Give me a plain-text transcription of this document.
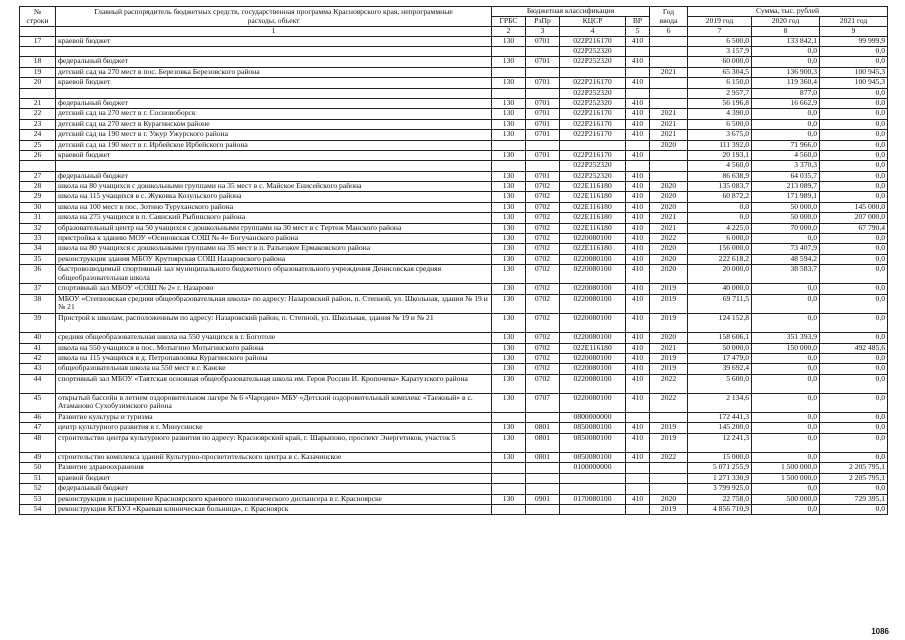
№
строки	Главный распорядитель бюджетных средств, государственная программа Красноярского края, непрограммные
расходы, объект	Бюджетная классификация				Год
ввода	Сумма, тыс. рублей		
		ГРБС	РзПр	КЦСР	ВР		2019 год	2020 год	2021 год
	1	2	3	4	5	6	7	8	9
17	краевой бюджет	130	0701	022P216170	410		6 500,0	133 842,1	99 999,9
				022P252320			3 157,9	0,0	0,0
18	федеральный бюджет	130	0701	022P252320	410		60 000,0	0,0	0,0
19	детский сад на 270 мест в пос. Березовка Березовского района					2021	65 304,5	136 900,3	100 945,3
20	краевой бюджет	130	0701	022P216170	410		6 150,0	119 360,4	100 945,3
				022P252320			2 957,7	877,0	0,0
21	федеральный бюджет	130	0701	022P252320	410		56 196,8	16 662,9	0,0
22	детский сад на 270 мест в г. Сосновоборск	130	0701	022P216170	410	2021	4 390,0	0,0	0,0
23	детский сад на 270 мест в Курагинском районе	130	0701	022P216170	410	2021	6 500,0	0,0	0,0
24	детский сад на 190 мест в г. Ужур Ужурского района	130	0701	022P216170	410	2021	3 675,0	0,0	0,0
25	детский сад на 190 мест в г. Ирбейское Ирбейского района					2020	111 392,0	71 966,0	0,0
26	краевой бюджет	130	0701	022P216170	410		20 193,1	4 560,0	0,0
				022P252320			4 560,0	3 370,3	0,0
27	федеральный бюджет	130	0701	022P252320	410		86 638,9	64 035,7	0,0
28	школа на 80 учащихся с дошкольными группами на 35 мест в с. Майское Енисейского района	130	0702	022E116180	410	2020	135 083,7	213 089,7	0,0
29	школа на 115 учащихся в с. Жуковка Козульского района	130	0702	022E116180	410	2020	60 872,2	171 989,1	0,0
30	школа на 100 мест в пос. Зотино Туруханского района	130	0702	022E116180	410	2020	0,0	50 000,0	145 000,0
31	школа на 275 учащихся в п. Саянский Рыбинского района	130	0702	022E116180	410	2021	0,0	50 000,0	207 000,0
32	образовательный центр на 50 учащихся с дошкольными группами на 30 мест в с Тертеж Манского района	130	0702	022E116180	410	2021	4 225,0	70 000,0	67 790,4
33	пристройка к зданию МОУ «Осиновская СОШ № 4» Богучанского района	130	0702	0220080100	410	2022	6 000,0	0,0	0,0
34	школа на 80 учащихся с дошкольными группами на 35 мест в п. Разъезжее Ермаковского района	130	0702	022E116180	410	2020	156 000,0	73 407,9	0,0
35	реконструкция здания МБОУ Крутоярская СОШ Назаровского района	130	0702	0220080100	410	2020	222 618,2	48 594,2	0,0
36	быстровозводимый спортивный зал муниципального бюджетного образовательного учреждения Денисовская средняя общеобразовательная школа	130	0702	0220080100	410	2020	20 000,0	38 583,7	0,0
37	спортивный зал МБОУ «СОШ № 2» г. Назарово	130	0702	0220080100	410	2019	40 000,0	0,0	0,0
38	МБОУ «Степновская средняя общеобразовательная школа» по адресу: Назаровский район, п. Степной, ул. Школьная, здания № 19 и № 21	130	0702	0220080100	410	2019	69 711,5	0,0	0,0
39	Пристрой к школам, расположенным по адресу: Назаровский район, п. Степной, ул. Школьная, здания № 19 и № 21	130	0702	0220080100	410	2019	124 152,8	0,0	0,0
40	средняя общеобразовательная школа на 550 учащихся в г. Боготоле	130	0702	0220080100	410	2020	158 606,1	351 393,9	0,0
41	школа на 550 учащихся в пос. Мотыгино Мотыгинского района	130	0702	022E116180	410	2021	50 000,0	150 000,0	492 485,6
42	школа на 115 учащихся в д. Петропавловка Курагинского района	130	0702	0220080100	410	2019	17 479,0	0,0	0,0
43	общеобразовательная школа на 550 мест в г. Канске	130	0702	0220080100	410	2019	39 692,4	0,0	0,0
44	спортивный зал МБОУ «Таятская основная общеобразовательная школа им. Героя России И. Кропочева» Каратузского района	130	0702	0220080100	410	2022	5 600,0	0,0	0,0
45	открытый бассейн в летнем оздоровительном лагере № 6 «Чароден» МБУ «Детский оздоровительный комплекс «Таежный» в с. Атаманово Сухобузимского района	130	0707	0220080100	410	2022	2 134,6	0,0	0,0
46	Развитие культуры и туризма			0800000000			172 441,3	0,0	0,0
47	центр культурного развития в г. Минусинске	130	0801	0850080100	410	2019	145 200,0	0,0	0,0
48	строительство центра культурного развития по адресу: Красноярский край, г. Шарыпово, проспект Энергетиков, участок 5	130	0801	0850080100	410	2019	12 241,3	0,0	0,0
49	строительство комплекса зданий Культурно-просветительского центра в с. Казачинское	130	0801	0850080100	410	2022	15 000,0	0,0	0,0
50	Развитие здравоохранения			0100000000			5 071 255,9	1 500 000,0	2 205 795,1
51	краевой бюджет						1 271 330,9	1 500 000,0	2 205 795,1
52	федеральный бюджет						3 799 925,0	0,0	0,0
53	реконструкция и расширение Красноярского краевого онкологического диспансера в г. Красноярске	130	0901	0170080100	410	2020	22 758,0	500 000,0	729 395,1
54	реконструкция КГБУЗ «Краевая клиническая больница», г. Красноярск					2019	4 856 710,9	0,0	0,0
1086
